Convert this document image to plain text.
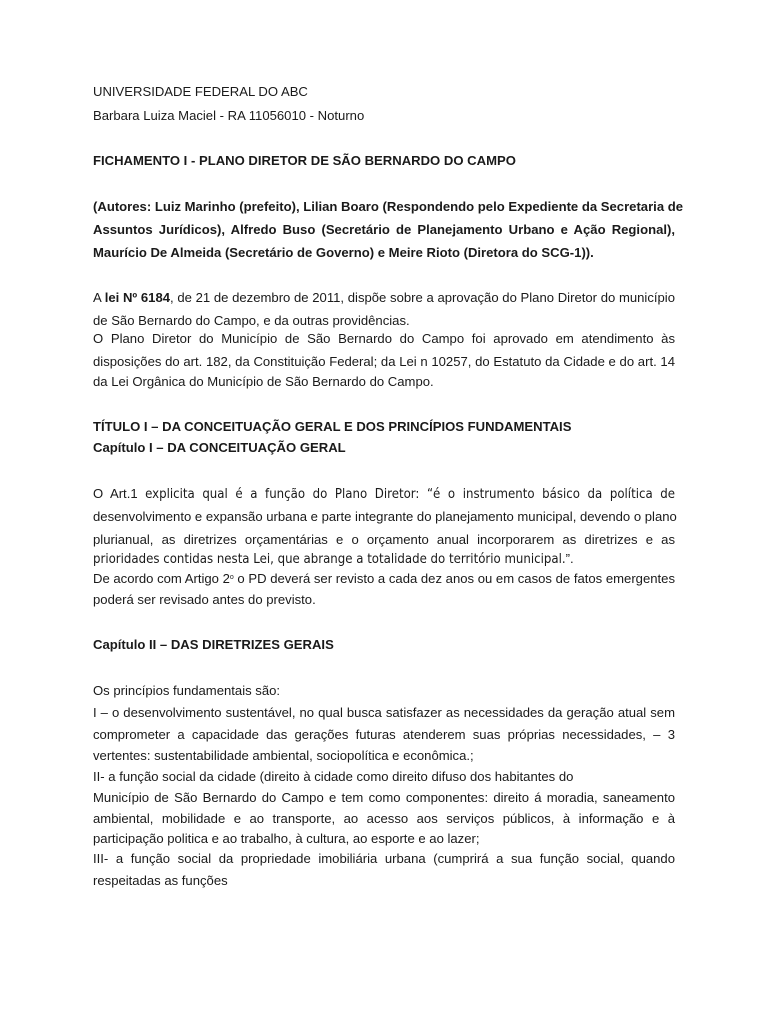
UNIVERSIDADE FEDERAL DO ABC
Barbara Luiza Maciel - RA 11056010 - Noturno
FICHAMENTO I - PLANO DIRETOR DE SÃO BERNARDO DO CAMPO
(Autores: Luiz Marinho (prefeito), Lilian Boaro (Respondendo pelo Expediente da Secretaria de
Assuntos Jurídicos), Alfredo Buso (Secretário de Planejamento Urbano e Ação Regional),
Maurício De Almeida (Secretário de Governo) e Meire Rioto (Diretora do SCG-1)).
A lei Nº 6184, de 21 de dezembro de 2011, dispõe sobre a aprovação do Plano Diretor do município
de São Bernardo do Campo, e da outras providências.
O Plano Diretor do Município de São Bernardo do Campo foi aprovado em atendimento às
disposições do art. 182, da Constituição Federal; da Lei n 10257, do Estatuto da Cidade e do art. 14
da Lei Orgânica do Município de São Bernardo do Campo.
TÍTULO I – DA CONCEITUAÇÃO GERAL E DOS PRINCÍPIOS FUNDAMENTAIS
Capítulo I – DA CONCEITUAÇÃO GERAL
O Art.1 explicita qual é a função do Plano Diretor: “é o instrumento básico da política de
desenvolvimento e expansão urbana e parte integrante do planejamento municipal, devendo o plano
plurianual, as diretrizes orçamentárias e o orçamento anual incorporarem as diretrizes e as
prioridades contidas nesta Lei, que abrange a totalidade do território municipal.”.
De acordo com Artigo 2$^o$ o PD deverá ser revisto a cada dez anos ou em casos de fatos emergentes
poderá ser revisado antes do previsto.
Capítulo II – DAS DIRETRIZES GERAIS
Os princípios fundamentais são:
I – o desenvolvimento sustentável, no qual busca satisfazer as necessidades da geração atual sem
comprometer a capacidade das gerações futuras atenderem suas próprias necessidades, – 3
vertentes: sustentabilidade ambiental, sociopolítica e econômica.;
II- a função social da cidade (direito à cidade como direito difuso dos habitantes do
Município de São Bernardo do Campo e tem como componentes: direito á moradia, saneamento
ambiental, mobilidade e ao transporte, ao acesso aos serviços públicos, à informação e à
participação politica e ao trabalho, à cultura, ao esporte e ao lazer;
III- a função social da propriedade imobiliária urbana (cumprirá a sua função social, quando
respeitadas as funções
